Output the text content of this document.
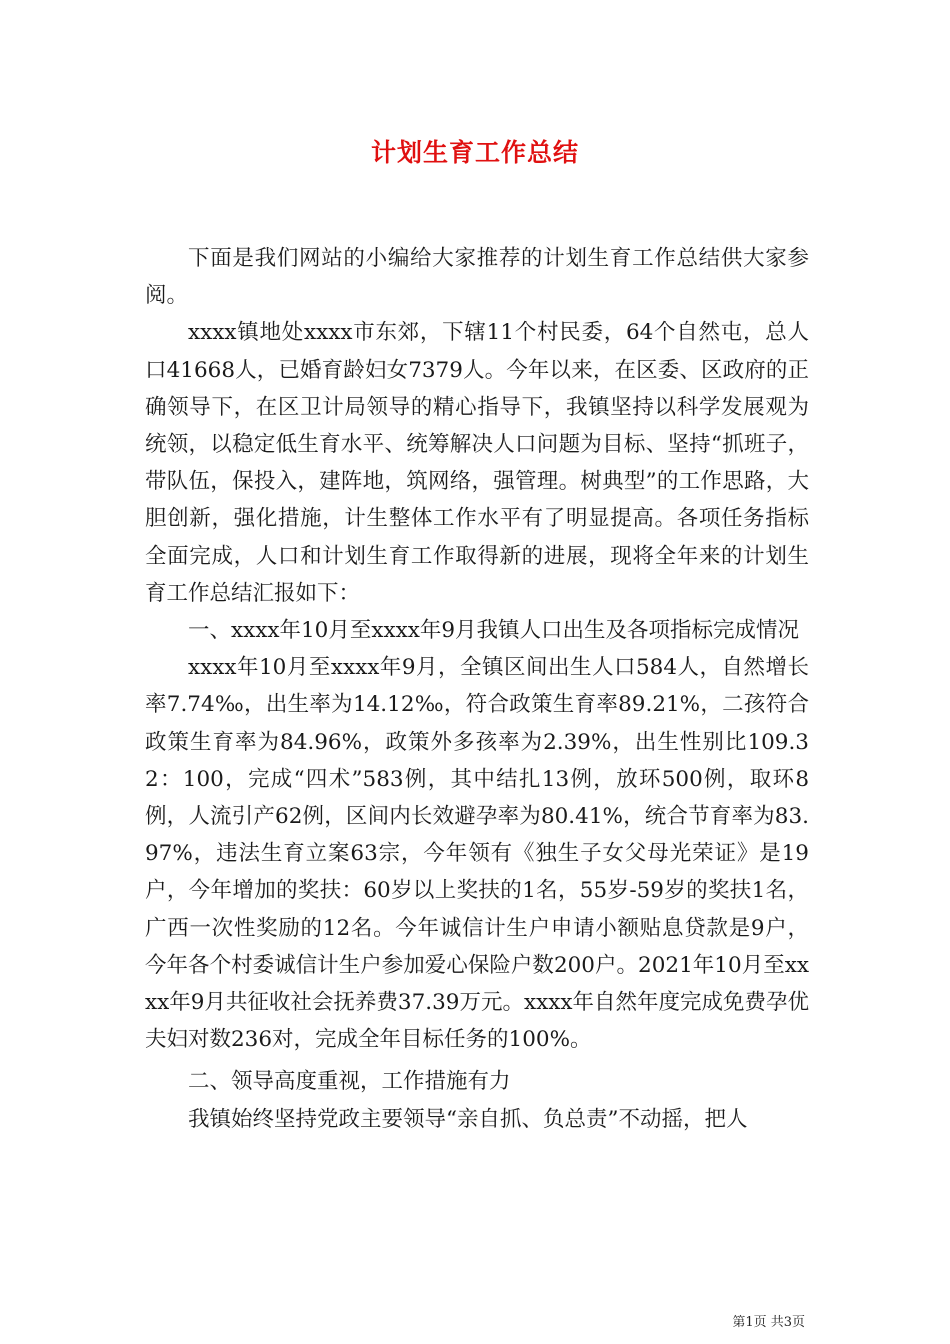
计划生育工作总结

下面是我们网站的小编给大家推荐的计划生育工作总结供大家参阅。

xxxx镇地处xxxx市东郊，下辖11个村民委，64个自然屯，总人口41668人，已婚育龄妇女7379人。今年以来，在区委、区政府的正确领导下，在区卫计局领导的精心指导下，我镇坚持以科学发展观为统领，以稳定低生育水平、统筹解决人口问题为目标、坚持“抓班子，带队伍，保投入，建阵地，筑网络，强管理。树典型”的工作思路，大胆创新，强化措施，计生整体工作水平有了明显提高。各项任务指标全面完成，人口和计划生育工作取得新的进展，现将全年来的计划生育工作总结汇报如下：

一、xxxx年10月至xxxx年9月我镇人口出生及各项指标完成情况

xxxx年10月至xxxx年9月，全镇区间出生人口584人，自然增长率7.74‰，出生率为14.12‰，符合政策生育率89.21%，二孩符合政策生育率为84.96%，政策外多孩率为2.39%，出生性别比109.32：100，完成“四术”583例，其中结扎13例，放环500例，取环8例，人流引产62例，区间内长效避孕率为80.41%，统合节育率为83.97%，违法生育立案63宗，今年领有《独生子女父母光荣证》是19户，今年增加的奖扶：60岁以上奖扶的1名，55岁-59岁的奖扶1名，广西一次性奖励的12名。今年诚信计生户申请小额贴息贷款是9户，今年各个村委诚信计生户参加爱心保险户数200户。2021年10月至xxxx年9月共征收社会抚养费37.39万元。xxxx年自然年度完成免费孕优夫妇对数236对，完成全年目标任务的100%。

二、领导高度重视，工作措施有力

我镇始终坚持党政主要领导“亲自抓、负总责”不动摇，把人

第1页 共3页
